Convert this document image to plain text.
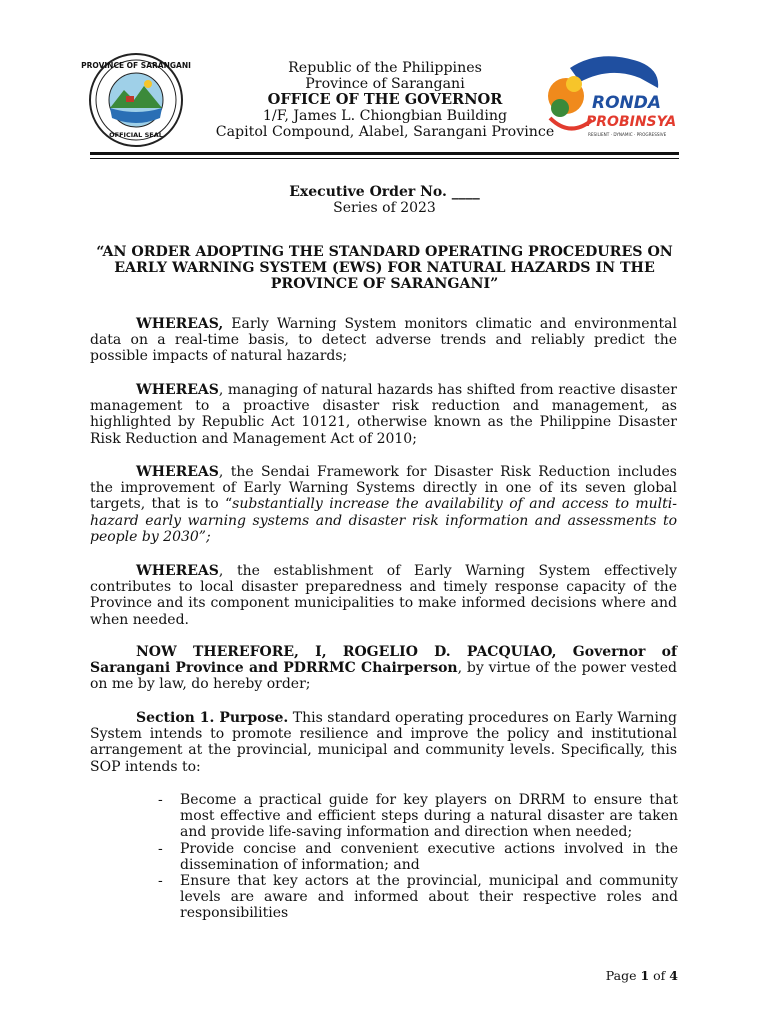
PROVINCE OF SARANGANI
OFFICIAL SEAL
Republic of the Philippines
Province of Sarangani
OFFICE OF THE GOVERNOR
1/F, James L. Chiongbian Building
Capitol Compound, Alabel, Sarangani Province
RONDA
PROBINSYA
RESILIENT · DYNAMIC · PROGRESSIVE
Executive Order No. ____
Series of 2023
“AN ORDER ADOPTING THE STANDARD OPERATING PROCEDURES ON EARLY WARNING SYSTEM (EWS) FOR NATURAL HAZARDS IN THE PROVINCE OF SARANGANI”
WHEREAS, Early Warning System monitors climatic and environmental data on a real-time basis, to detect adverse trends and reliably predict the possible impacts of natural hazards;
WHEREAS, managing of natural hazards has shifted from reactive disaster management to a proactive disaster risk reduction and management, as highlighted by Republic Act 10121, otherwise known as the Philippine Disaster Risk Reduction and Management Act of 2010;
WHEREAS, the Sendai Framework for Disaster Risk Reduction includes the improvement of Early Warning Systems directly in one of its seven global targets, that is to “substantially increase the availability of and access to multi-hazard early warning systems and disaster risk information and assessments to people by 2030”;
WHEREAS, the establishment of Early Warning System effectively contributes to local disaster preparedness and timely response capacity of the Province and its component municipalities to make informed decisions where and when needed.
NOW THEREFORE, I, ROGELIO D. PACQUIAO, Governor of Sarangani Province and PDRRMC Chairperson, by virtue of the power vested on me by law, do hereby order;
Section 1. Purpose. This standard operating procedures on Early Warning System intends to promote resilience and improve the policy and institutional arrangement at the provincial, municipal and community levels. Specifically, this SOP intends to:
- Become a practical guide for key players on DRRM to ensure that most effective and efficient steps during a natural disaster are taken and provide life-saving information and direction when needed;
- Provide concise and convenient executive actions involved in the dissemination of information; and
- Ensure that key actors at the provincial, municipal and community levels are aware and informed about their respective roles and responsibilities
Page 1 of 4
